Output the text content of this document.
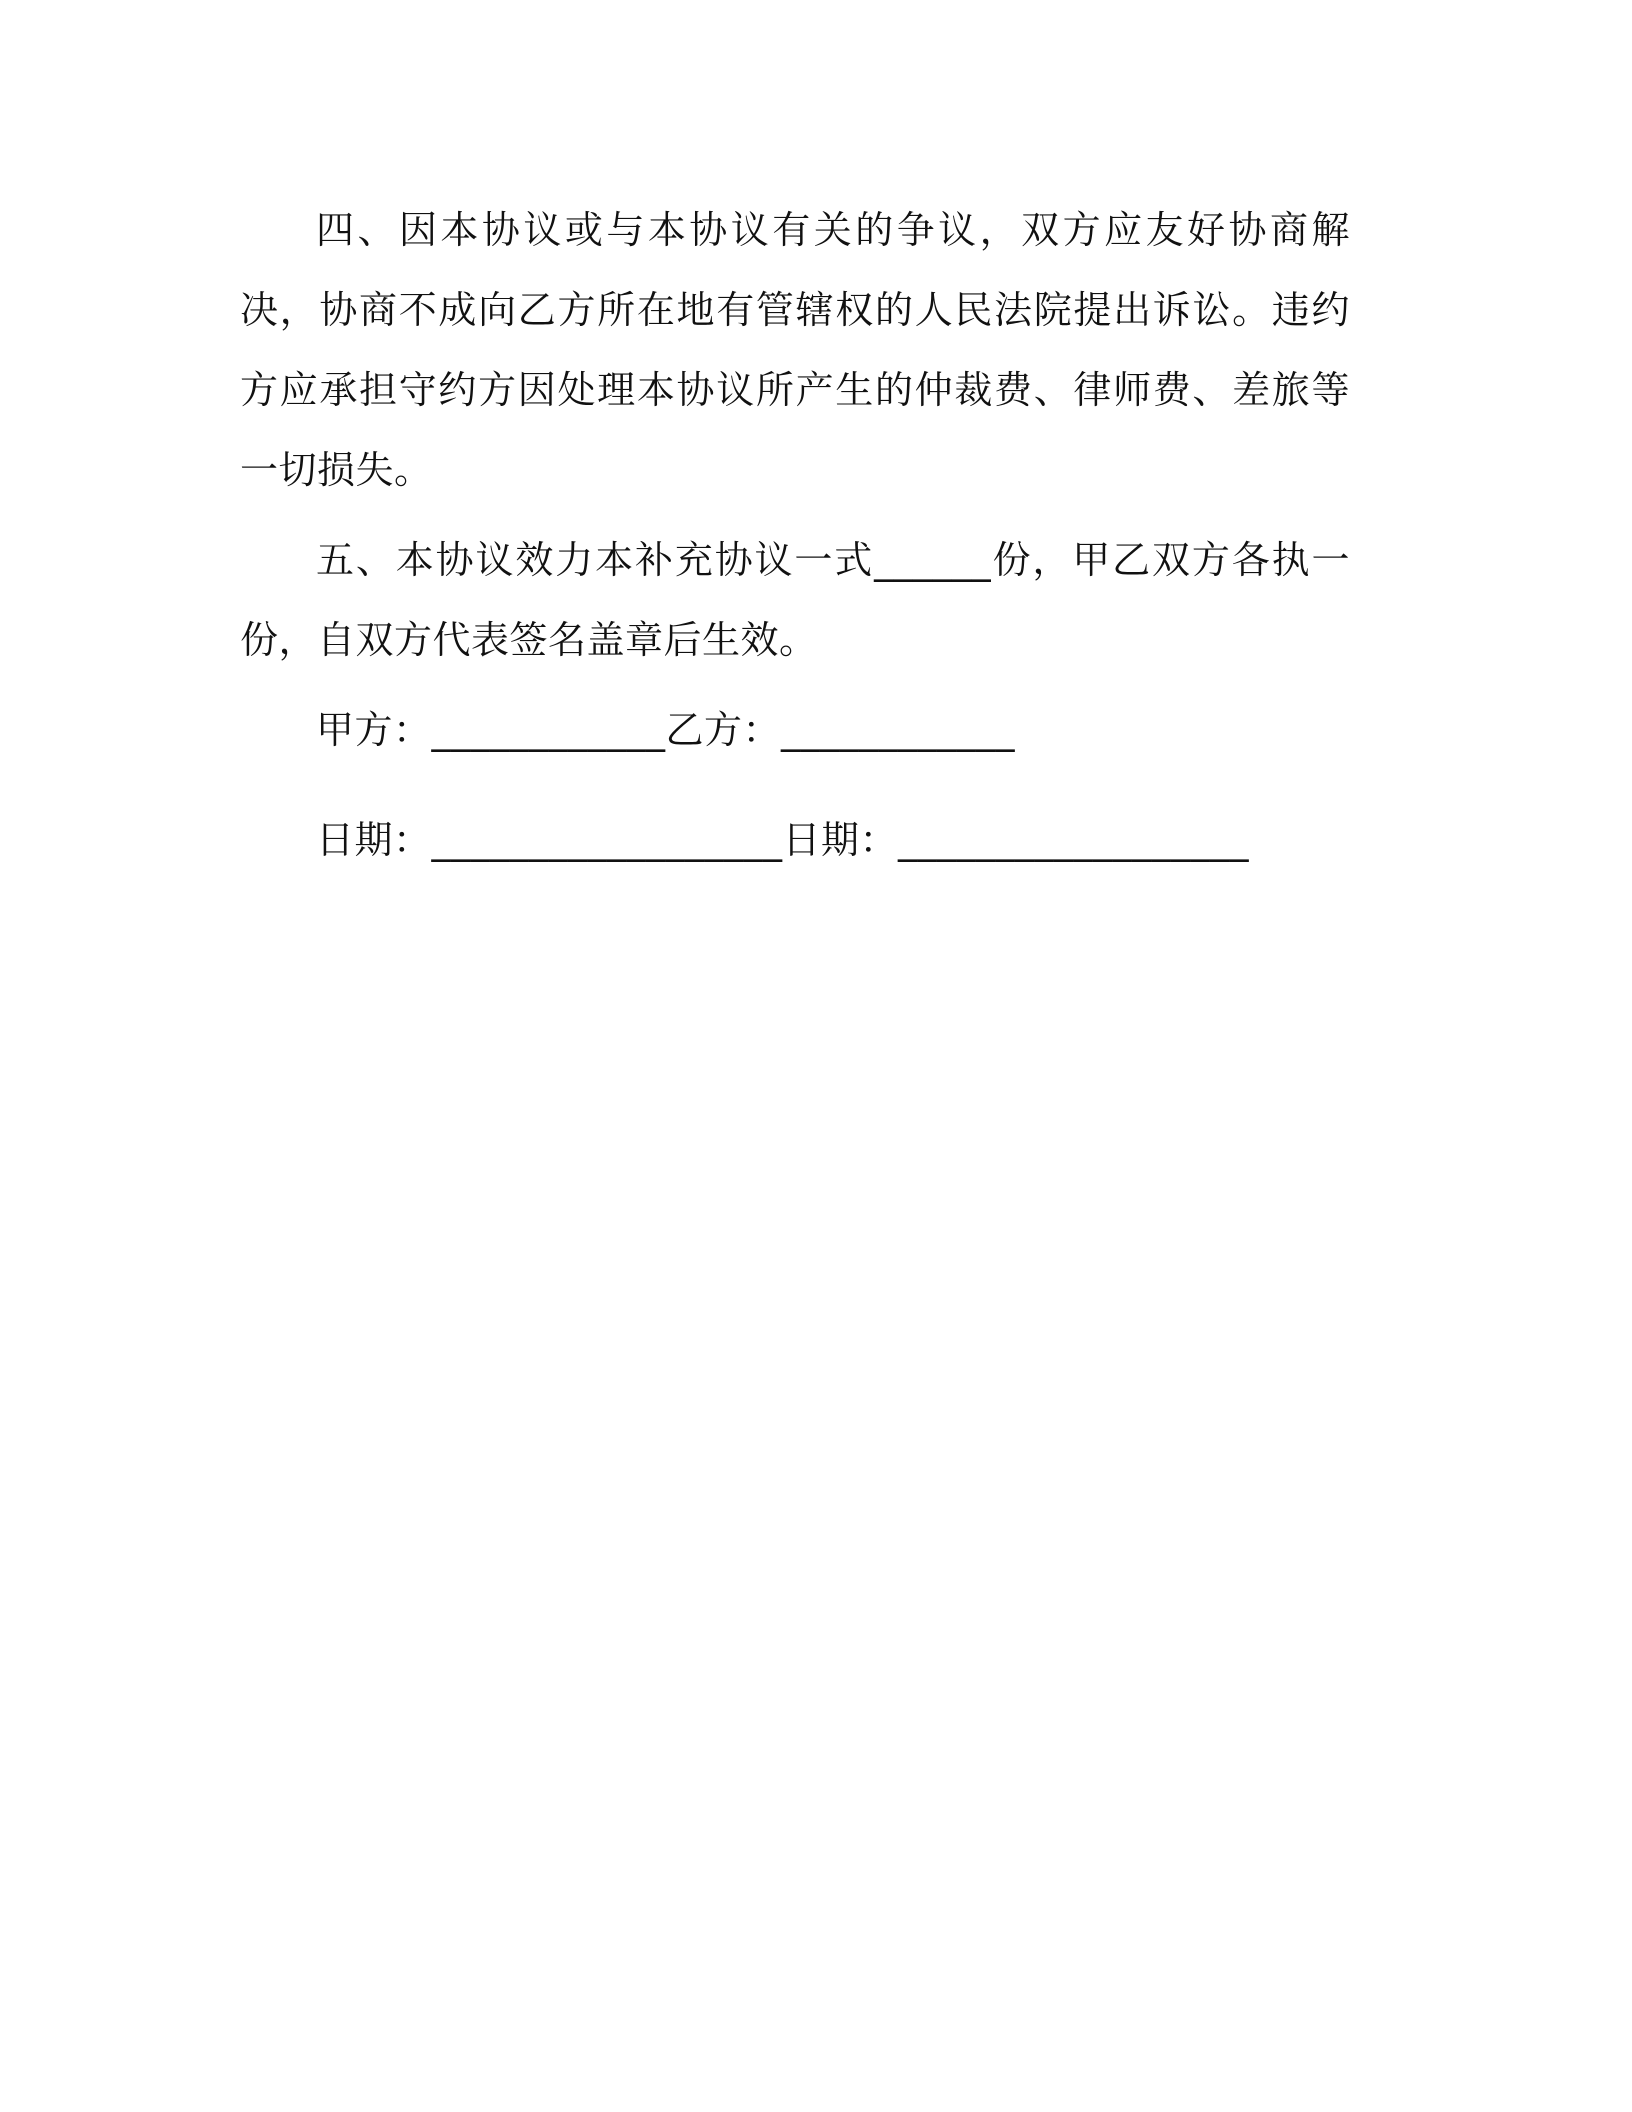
四、因本协议或与本协议有关的争议，双方应友好协商解决，协商不成向乙方所在地有管辖权的人民法院提出诉讼。违约方应承担守约方因处理本协议所产生的仲裁费、律师费、差旅等一切损失。

五、本协议效力本补充协议一式______份，甲乙双方各执一份，自双方代表签名盖章后生效。

甲方：____________乙方：____________

日期：__________________日期：__________________
